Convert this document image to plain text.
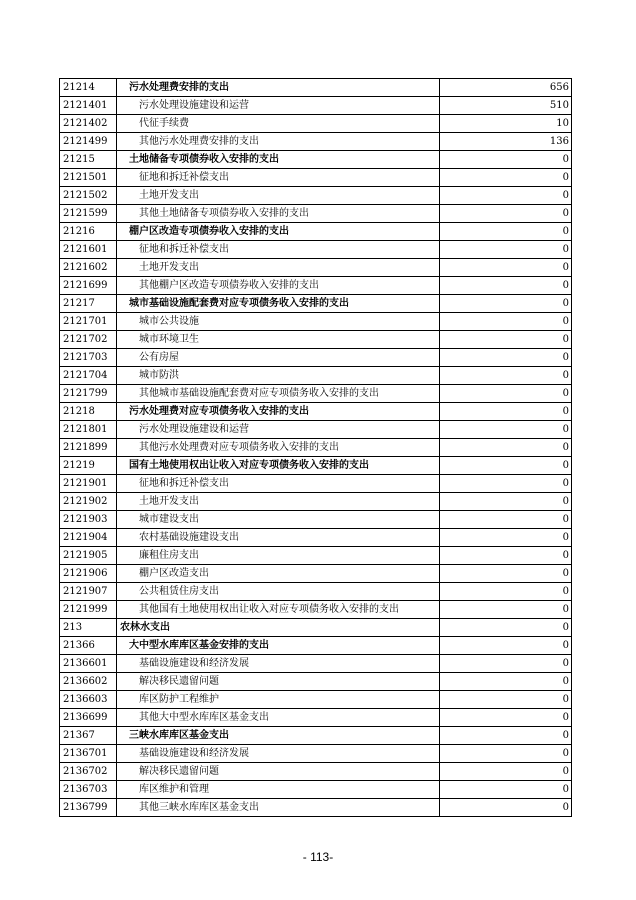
21214	污水处理费安排的支出	656
2121401	污水处理设施建设和运营	510
2121402	代征手续费	10
2121499	其他污水处理费安排的支出	136
21215	土地储备专项债券收入安排的支出	0
2121501	征地和拆迁补偿支出	0
2121502	土地开发支出	0
2121599	其他土地储备专项债券收入安排的支出	0
21216	棚户区改造专项债券收入安排的支出	0
2121601	征地和拆迁补偿支出	0
2121602	土地开发支出	0
2121699	其他棚户区改造专项债券收入安排的支出	0
21217	城市基础设施配套费对应专项债务收入安排的支出	0
2121701	城市公共设施	0
2121702	城市环境卫生	0
2121703	公有房屋	0
2121704	城市防洪	0
2121799	其他城市基础设施配套费对应专项债务收入安排的支出	0
21218	污水处理费对应专项债务收入安排的支出	0
2121801	污水处理设施建设和运营	0
2121899	其他污水处理费对应专项债务收入安排的支出	0
21219	国有土地使用权出让收入对应专项债务收入安排的支出	0
2121901	征地和拆迁补偿支出	0
2121902	土地开发支出	0
2121903	城市建设支出	0
2121904	农村基础设施建设支出	0
2121905	廉租住房支出	0
2121906	棚户区改造支出	0
2121907	公共租赁住房支出	0
2121999	其他国有土地使用权出让收入对应专项债务收入安排的支出	0
213	农林水支出	0
21366	大中型水库库区基金安排的支出	0
2136601	基础设施建设和经济发展	0
2136602	解决移民遗留问题	0
2136603	库区防护工程维护	0
2136699	其他大中型水库库区基金支出	0
21367	三峡水库库区基金支出	0
2136701	基础设施建设和经济发展	0
2136702	解决移民遗留问题	0
2136703	库区维护和管理	0
2136799	其他三峡水库库区基金支出	0
- 113-
